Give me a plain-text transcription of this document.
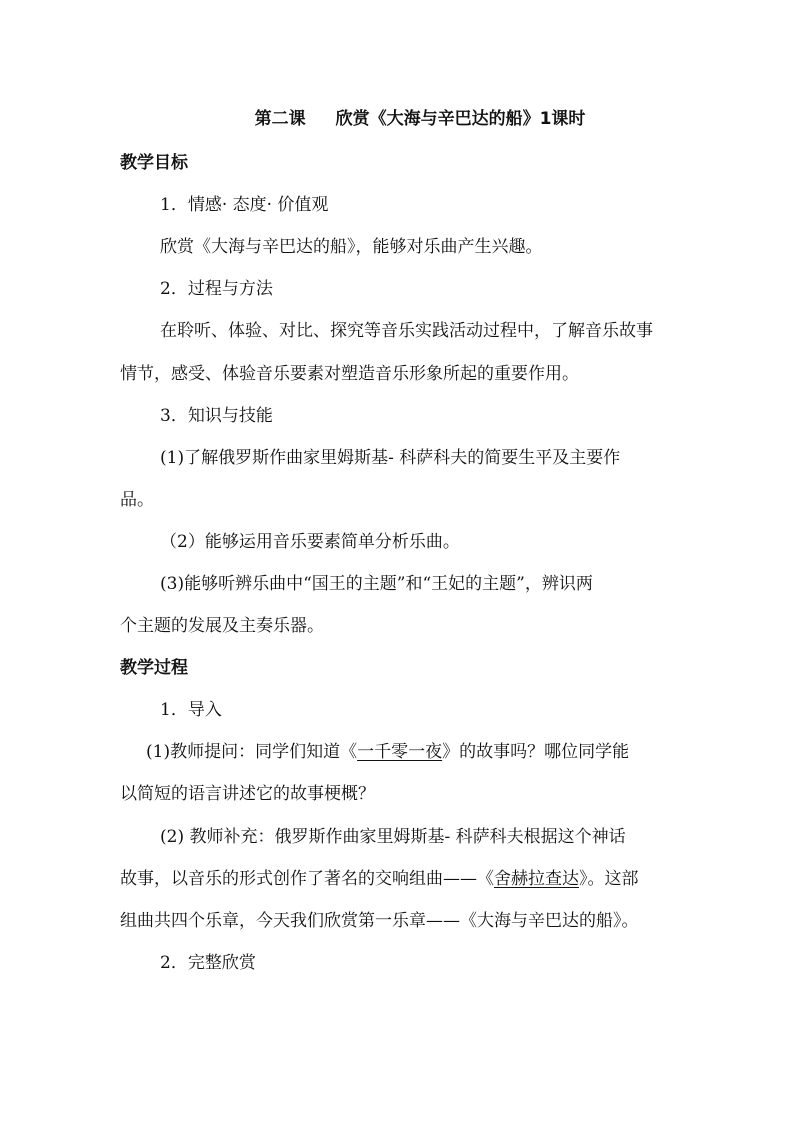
第二课 欣赏《大海与辛巴达的船》1课时
教学目标
1．情感· 态度· 价值观
欣赏《大海与辛巴达的船》，能够对乐曲产生兴趣。
2．过程与方法
在聆听、体验、对比、探究等音乐实践活动过程中，了解音乐故事
情节，感受、体验音乐要素对塑造音乐形象所起的重要作用。
3．知识与技能
(1)了解俄罗斯作曲家里姆斯基- 科萨科夫的简要生平及主要作
品。
（2）能够运用音乐要素简单分析乐曲。
(3)能够听辨乐曲中“国王的主题”和“王妃的主题”，辨识两
个主题的发展及主奏乐器。
教学过程
1．导入
(1)教师提问：同学们知道《一千零一夜》的故事吗？哪位同学能
以简短的语言讲述它的故事梗概？
(2) 教师补充：俄罗斯作曲家里姆斯基- 科萨科夫根据这个神话
故事，以音乐的形式创作了著名的交响组曲——《舍赫拉查达》。这部
组曲共四个乐章，今天我们欣赏第一乐章——《大海与辛巴达的船》。
2．完整欣赏
